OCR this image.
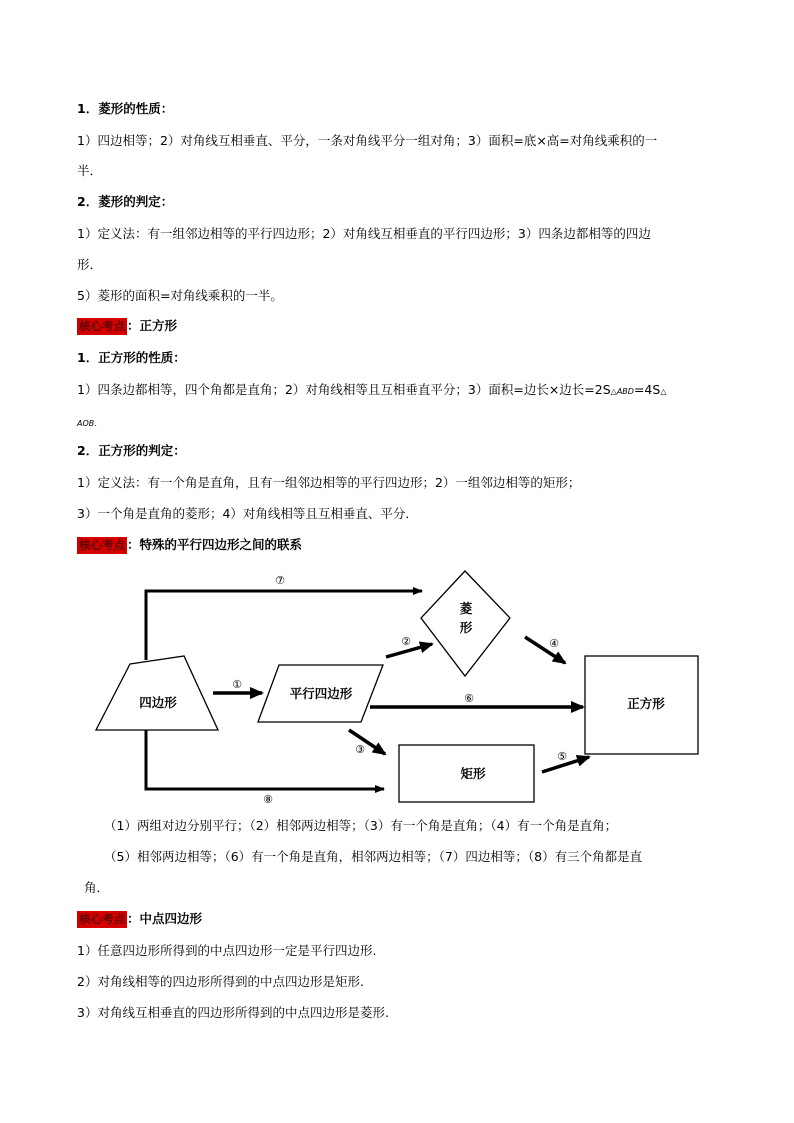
1．菱形的性质：
1）四边相等；2）对角线互相垂直、平分，一条对角线平分一组对角；3）面积=底×高=对角线乘积的一
半．
2．菱形的判定：
1）定义法：有一组邻边相等的平行四边形；2）对角线互相垂直的平行四边形；3）四条边都相等的四边
形．
5）菱形的面积=对角线乘积的一半。
核心考点 ：正方形
1．正方形的性质：
1）四条边都相等，四个角都是直角；2）对角线相等且互相垂直平分；3）面积=边长×边长=2S△ABD=4S△
AOB．
2．正方形的判定：
1）定义法：有一个角是直角，且有一组邻边相等的平行四边形；2）一组邻边相等的矩形；
3）一个角是直角的菱形；4）对角线相等且互相垂直、平分．
核心考点 ：特殊的平行四边形之间的联系
四边形
①
平行四边形
菱
形
②	④
正方形
⑥
③
矩形
⑤
⑦
⑧
（1）两组对边分别平行；（2）相邻两边相等；（3）有一个角是直角；（4）有一个角是直角；
（5）相邻两边相等；（6）有一个角是直角，相邻两边相等；（7）四边相等；（8）有三个角都是直
角．
核心考点 ：中点四边形
1）任意四边形所得到的中点四边形一定是平行四边形.
2）对角线相等的四边形所得到的中点四边形是矩形.
3）对角线互相垂直的四边形所得到的中点四边形是菱形.
